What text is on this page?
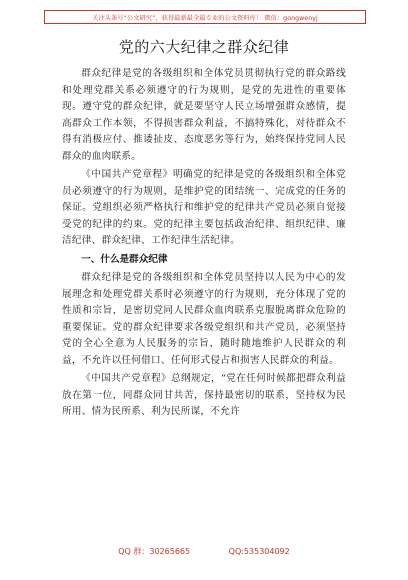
关注头条号“公文研究”，获得最新最全最专业的公文资料库！ 微信：gongwenyj
党的六大纪律之群众纪律

群众纪律是党的各级组织和全体党员贯彻执行党的群众路线和处理党群关系必须遵守的行为规则，是党的先进性的重要体现。遵守党的群众纪律，就是要坚守人民立场增强群众感情，提高群众工作本领，不得损害群众利益，不搞特殊化，对待群众不得有消极应付、推诿扯皮、态度恶劣等行为，始终保持党同人民群众的血肉联系。

《中国共产党章程》明确党的纪律是党的各级组织和全体党员必须遵守的行为规则，是维护党的团结统一、完成党的任务的保证。党组织必须严格执行和维护党的纪律共产党员必须自觉接受党的纪律的约束。党的纪律主要包括政治纪律、组织纪律、廉洁纪律、群众纪律、工作纪律生活纪律。

一、什么是群众纪律

群众纪律是党的各级组织和全体党员坚持以人民为中心的发展理念和处理党群关系时必须遵守的行为规则，充分体现了党的性质和宗旨，是密切党同人民群众血肉联系克服脱离群众危险的重要保证。党的群众纪律要求各级党组织和共产党员，必须坚持党的全心全意为人民服务的宗旨，随时随地维护人民群众的利益，不允许以任何借口、任何形式侵占和损害人民群众的利益。

《中国共产党章程》总纲规定，“党在任何时候都把群众利益放在第一位，同群众同甘共苦，保持最密切的联系，坚持权为民所用、情为民所系、利为民所谋，不允许

QQ 群：30265665	QQ:535304092
